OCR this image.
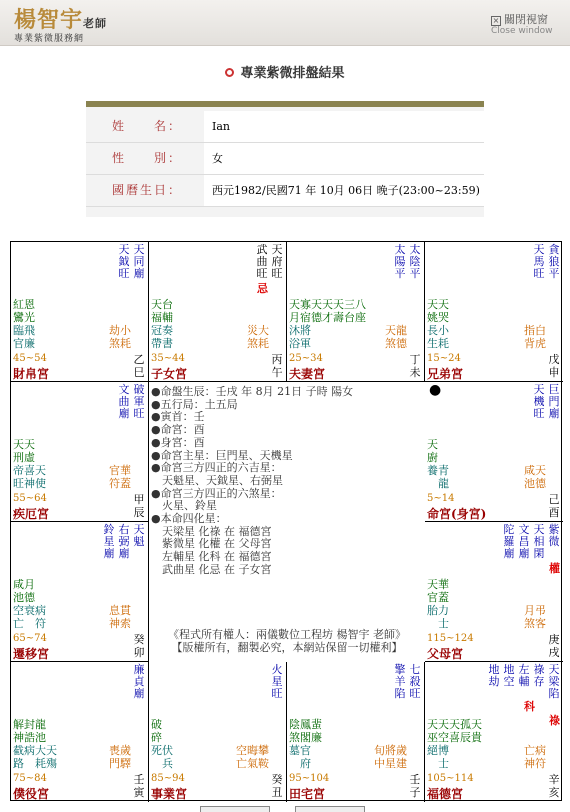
楊智宇老師
專業紫微服務網
× 關閉視窗
Close window
專業紫微排盤結果
姓　　名：	Ian
性　　別：	女
國曆生日：	西元1982/民國71 年 10月 06日 晚子(23:00~23:59)
●命盤生辰：壬戌 年 8月 21日 子時 陽女
●五行局：土五局
●寅首：壬
●命宮：酉
●身宮：酉
●命宮主星：巨門星、天機星
●命宮三方四正的六吉星：
　天魁星、天鉞星、右弼星
●命宮三方四正的六煞星：
　火星、鈴星
●本命四化星：
　天梁星 化祿 在 福德宮
　紫微星 化權 在 父母宮
　左輔星 化科 在 福德宮
　武曲星 化忌 在 子女宮
《程式所有權人：兩儀數位工程坊 楊智宇 老師》
【版權所有，翻製必究，本網站保留一切權利】
天同廟
天鉞旺
紅恩
鸞光
臨飛
官廉
劫小
煞耗
45~54	乙巳
財帛宮
天府旺
武曲旺
忌
天台
福輔
冠奏
帶書
災大
煞耗
35~44	丙午
子女宮
太陰平
太陽平
天寡天天天三八
月宿德才壽台座
沐將
浴軍
天龍
煞德
25~34	丁未
夫妻宮
貪狼平
天馬旺
天天
姚哭
長小
生耗
指白
背虎
15~24	戊申
兄弟宮
破軍旺
文曲廟
天天
刑虛
帝喜天
旺神使
官華
符蓋
55~64	甲辰
疾厄宮
巨門廟
天機旺
●
天
廚
養青
　龍
咸天
池德
5~14	己酉
命宮(身宮)
天魁
右弼廟
鈴星廟
咸月
池德
空衰病
亡　符
息貫
神索
65~74	癸卯
遷移宮
紫微
天相閑
文昌廟
陀羅廟
權
天華
官蓋
胎力
　士
月弔
煞客
115~124	庚戌
父母宮
廉貞廟
解封龍
神誥池
截病大天
路　耗殤
喪歲
門驛
75~84	壬寅
僕役宮
火星旺
破
碎
死伏
　兵
空晦攀
亡氣鞍
85~94	癸丑
事業宮
七殺旺
擎羊陷
陰鳳蜚
煞閣廉
墓官
　府
旬將歲
中星建
95~104	壬子
田宅宮
天梁陷
祿存
左輔
地空
地劫
祿
科
天天天孤天
巫空喜辰貴
絕博
　士
亡病
神符
105~114	辛亥
福德宮
